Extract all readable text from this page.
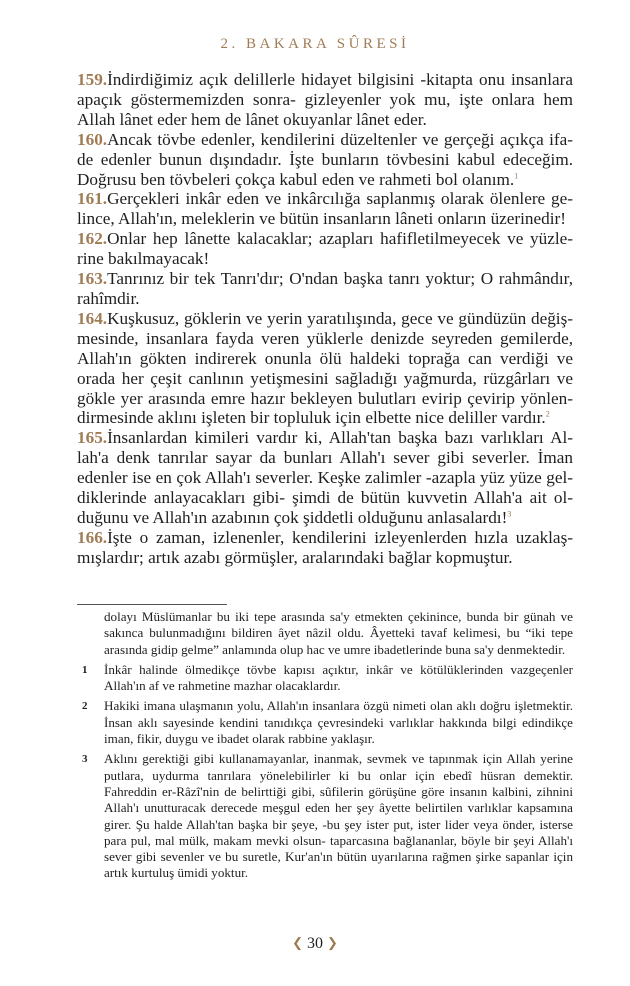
2. BAKARA SÛRESİ

159.İndirdiğimiz açık delillerle hidayet bilgisini -kitapta onu insanlara apaçık göstermemizden sonra- gizleyenler yok mu, işte onlara hem Allah lânet eder hem de lânet okuyanlar lânet eder.

160.Ancak tövbe edenler, kendilerini düzeltenler ve gerçeği açıkça ifade edenler bunun dışındadır. İşte bunların tövbesini kabul edeceğim. Doğrusu ben tövbeleri çokça kabul eden ve rahmeti bol olanım.$^1$

161.Gerçekleri inkâr eden ve inkârcılığa saplanmış olarak ölenlere gelince, Allah'ın, meleklerin ve bütün insanların lâneti onların üzerinedir!

162.Onlar hep lânette kalacaklar; azapları hafifletilmeyecek ve yüzlerine bakılmayacak!

163.Tanrınız bir tek Tanrı'dır; O'ndan başka tanrı yoktur; O rahmândır, rahîmdir.

164.Kuşkusuz, göklerin ve yerin yaratılışında, gece ve gündüzün değişmesinde, insanlara fayda veren yüklerle denizde seyreden gemilerde, Allah'ın gökten indirerek onunla ölü haldeki toprağa can verdiği ve orada her çeşit canlının yetişmesini sağladığı yağmurda, rüzgârları ve gökle yer arasında emre hazır bekleyen bulutları evirip çevirip yönlendirmesinde aklını işleten bir topluluk için elbette nice deliller vardır.$^2$

165.İnsanlardan kimileri vardır ki, Allah'tan başka bazı varlıkları Allah'a denk tanrılar sayar da bunları Allah'ı sever gibi severler. İman edenler ise en çok Allah'ı severler. Keşke zalimler -azapla yüz yüze geldiklerinde anlayacakları gibi- şimdi de bütün kuvvetin Allah'a ait olduğunu ve Allah'ın azabının çok şiddetli olduğunu anlasalardı!$^3$

166.İşte o zaman, izlenenler, kendilerini izleyenlerden hızla uzaklaşmışlardır; artık azabı görmüşler, aralarındaki bağlar kopmuştur.

dolayı Müslümanlar bu iki tepe arasında sa'y etmekten çekinince, bunda bir günah ve sakınca bulunmadığını bildiren âyet nâzil oldu. Âyetteki tavaf kelimesi, bu “iki tepe arasında gidip gelme” anlamında olup hac ve umre ibadetlerinde buna sa'y denmektedir.
1 İnkâr halinde ölmedikçe tövbe kapısı açıktır, inkâr ve kötülüklerinden vazgeçenler Allah'ın af ve rahmetine mazhar olacaklardır.
2 Hakiki imana ulaşmanın yolu, Allah'ın insanlara özgü nimeti olan aklı doğru işletmektir. İnsan aklı sayesinde kendini tanıdıkça çevresindeki varlıklar hakkında bilgi edindikçe iman, fikir, duygu ve ibadet olarak rabbine yaklaşır.
3 Aklını gerektiği gibi kullanamayanlar, inanmak, sevmek ve tapınmak için Allah yerine putlara, uydurma tanrılara yönelebilirler ki bu onlar için ebedî hüsran demektir. Fahreddin er-Râzî'nin de belirttiği gibi, sûfilerin görüşüne göre insanın kalbini, zihnini Allah'ı unutturacak derecede meşgul eden her şey âyette belirtilen varlıklar kapsamına girer. Şu halde Allah'tan başka bir şeye, -bu şey ister put, ister lider veya önder, isterse para pul, mal mülk, makam mevki olsun- taparcasına bağlananlar, böyle bir şeyi Allah'ı sever gibi sevenler ve bu suretle, Kur'an'ın bütün uyarılarına rağmen şirke sapanlar için artık kurtuluş ümidi yoktur.
❮ 30 ❯
